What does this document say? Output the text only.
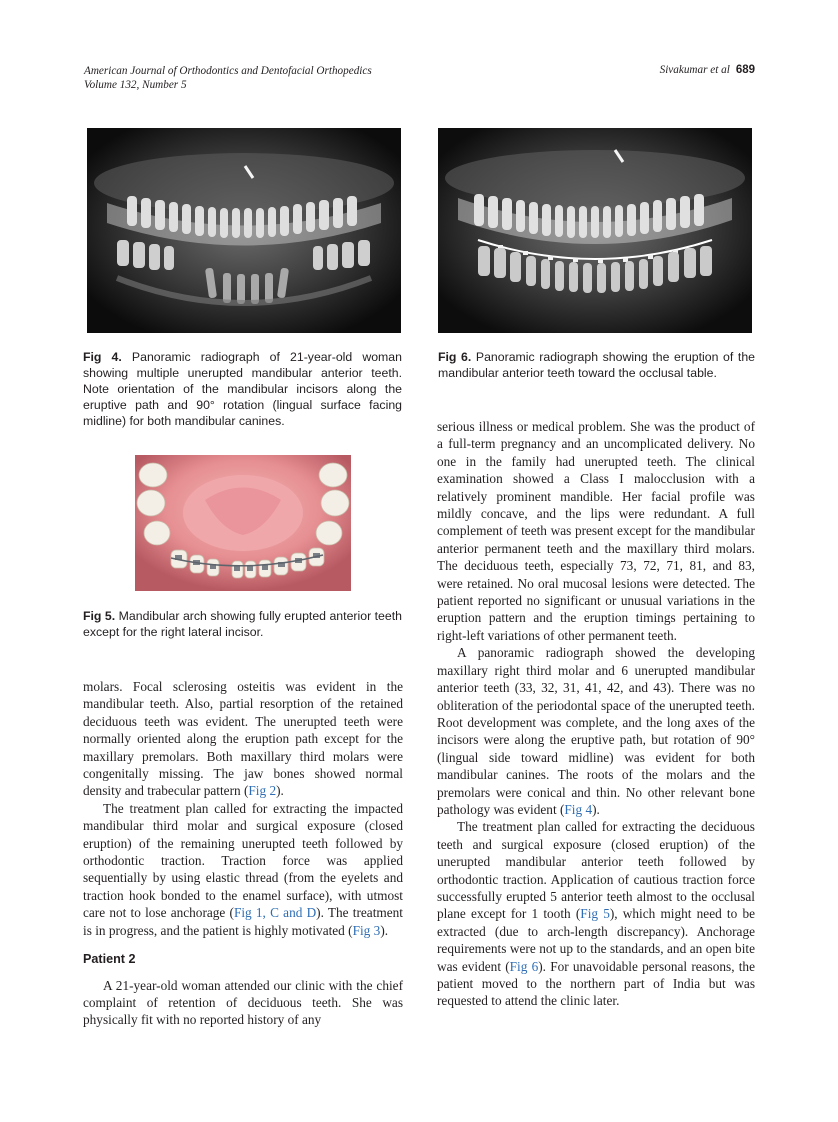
American Journal of Orthodontics and Dentofacial Orthopedics
Volume 132, Number 5
Sivakumar et al 689
Fig 4. Panoramic radiograph of 21-year-old woman showing multiple unerupted mandibular anterior teeth. Note orientation of the mandibular incisors along the eruptive path and 90° rotation (lingual surface facing midline) for both mandibular canines.
Fig 6. Panoramic radiograph showing the eruption of the mandibular anterior teeth toward the occlusal table.
Fig 5. Mandibular arch showing fully erupted anterior teeth except for the right lateral incisor.

molars. Focal sclerosing osteitis was evident in the mandibular teeth. Also, partial resorption of the retained deciduous teeth was evident. The unerupted teeth were normally oriented along the eruption path except for the maxillary premolars. Both maxillary third molars were congenitally missing. The jaw bones showed normal density and trabecular pattern (Fig 2).

The treatment plan called for extracting the impacted mandibular third molar and surgical exposure (closed eruption) of the remaining unerupted teeth followed by orthodontic traction. Traction force was applied sequentially by using elastic thread (from the eyelets and traction hook bonded to the enamel surface), with utmost care not to lose anchorage (Fig 1, C and D). The treatment is in progress, and the patient is highly motivated (Fig 3).

Patient 2

A 21-year-old woman attended our clinic with the chief complaint of retention of deciduous teeth. She was physically fit with no reported history of any

serious illness or medical problem. She was the product of a full-term pregnancy and an uncomplicated delivery. No one in the family had unerupted teeth. The clinical examination showed a Class I malocclusion with a relatively prominent mandible. Her facial profile was mildly concave, and the lips were redundant. A full complement of teeth was present except for the mandibular anterior permanent teeth and the maxillary third molars. The deciduous teeth, especially 73, 72, 71, 81, and 83, were retained. No oral mucosal lesions were detected. The patient reported no significant or unusual variations in the eruption pattern and the eruption timings pertaining to right-left variations of other permanent teeth.

A panoramic radiograph showed the developing maxillary right third molar and 6 unerupted mandibular anterior teeth (33, 32, 31, 41, 42, and 43). There was no obliteration of the periodontal space of the unerupted teeth. Root development was complete, and the long axes of the incisors were along the eruptive path, but rotation of 90° (lingual side toward midline) was evident for both mandibular canines. The roots of the molars and the premolars were conical and thin. No other relevant bone pathology was evident (Fig 4).

The treatment plan called for extracting the deciduous teeth and surgical exposure (closed eruption) of the unerupted mandibular anterior teeth followed by orthodontic traction. Application of cautious traction force successfully erupted 5 anterior teeth almost to the occlusal plane except for 1 tooth (Fig 5), which might need to be extracted (due to arch-length discrepancy). Anchorage requirements were not up to the standards, and an open bite was evident (Fig 6). For unavoidable personal reasons, the patient moved to the northern part of India but was requested to attend the clinic later.
